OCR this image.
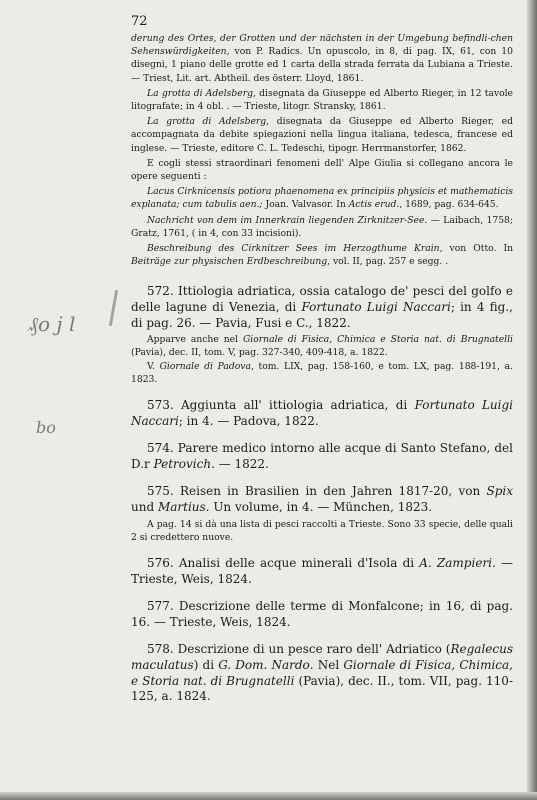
72
₰o j l
bo

derung des Ortes, der Grotten und der nächsten in der Umgebung befindli-chen Sehenswürdigkeiten, von P. Radics. Un opuscolo, in 8, di pag. IX, 61, con 10 disegni, 1 piano delle grotte ed 1 carta della strada ferrata da Lubiana a Trieste. — Triest, Lit. art. Abtheil. des österr. Lloyd, 1861.

La grotta di Adelsberg, disegnata da Giuseppe ed Alberto Rieger, in 12 tavole litografate; in 4 obl. . — Trieste, litogr. Stransky, 1861.

La grotta di Adelsberg, disegnata da Giuseppe ed Alberto Rieger, ed accompagnata da debite spiegazioni nella lingua italiana, tedesca, francese ed inglese. — Trieste, editore C. L. Tedeschi, tipogr. Herrmanstorfer, 1862.

E cogli stessi straordinari fenomeni dell' Alpe Giulia si collegano ancora le opere seguenti :

Lacus Cirknicensis potiora phaenomena ex principiis physicis et mathematicis explanata; cum tabulis aen.; Joan. Valvasor. In Actis erud., 1689, pag. 634-645.

Nachricht von dem im Innerkrain liegenden Zirknitzer-See. — Laibach, 1758; Gratz, 1761, ( in 4, con 33 incisioni).

Beschreibung des Cirknitzer Sees im Herzogthume Krain, von Otto. In Beiträge zur physischen Erdbeschreibung, vol. II, pag. 257 e segg. .

572. Ittiologia adriatica, ossia catalogo de' pesci del golfo e delle lagune di Venezia, di Fortunato Luigi Naccari; in 4 fig., di pag. 26. — Pavia, Fusi e C., 1822.

Apparve anche nel Giornale di Fisica, Chimica e Storia nat. di Brugnatelli (Pavia), dec. II, tom. V, pag. 327-340, 409-418, a. 1822.

V. Giornale di Padova, tom. LIX, pag. 158-160, e tom. LX, pag. 188-191, a. 1823.

573. Aggiunta all' ittiologia adriatica, di Fortunato Luigi Naccari; in 4. — Padova, 1822.

574. Parere medico intorno alle acque di Santo Stefano, del D.r Petrovich. — 1822.

575. Reisen in Brasilien in den Jahren 1817-20, von Spix und Martius. Un volume, in 4. — München, 1823.

A pag. 14 si dà una lista di pesci raccolti a Trieste. Sono 33 specie, delle quali 2 si credettero nuove.

576. Analisi delle acque minerali d'Isola di A. Zampieri. — Trieste, Weis, 1824.

577. Descrizione delle terme di Monfalcone; in 16, di pag. 16. — Trieste, Weis, 1824.

578. Descrizione di un pesce raro dell' Adriatico (Regalecus maculatus) di G. Dom. Nardo. Nel Giornale di Fisica, Chimica, e Storia nat. di Brugnatelli (Pavia), dec. II., tom. VII, pag. 110-125, a. 1824.
